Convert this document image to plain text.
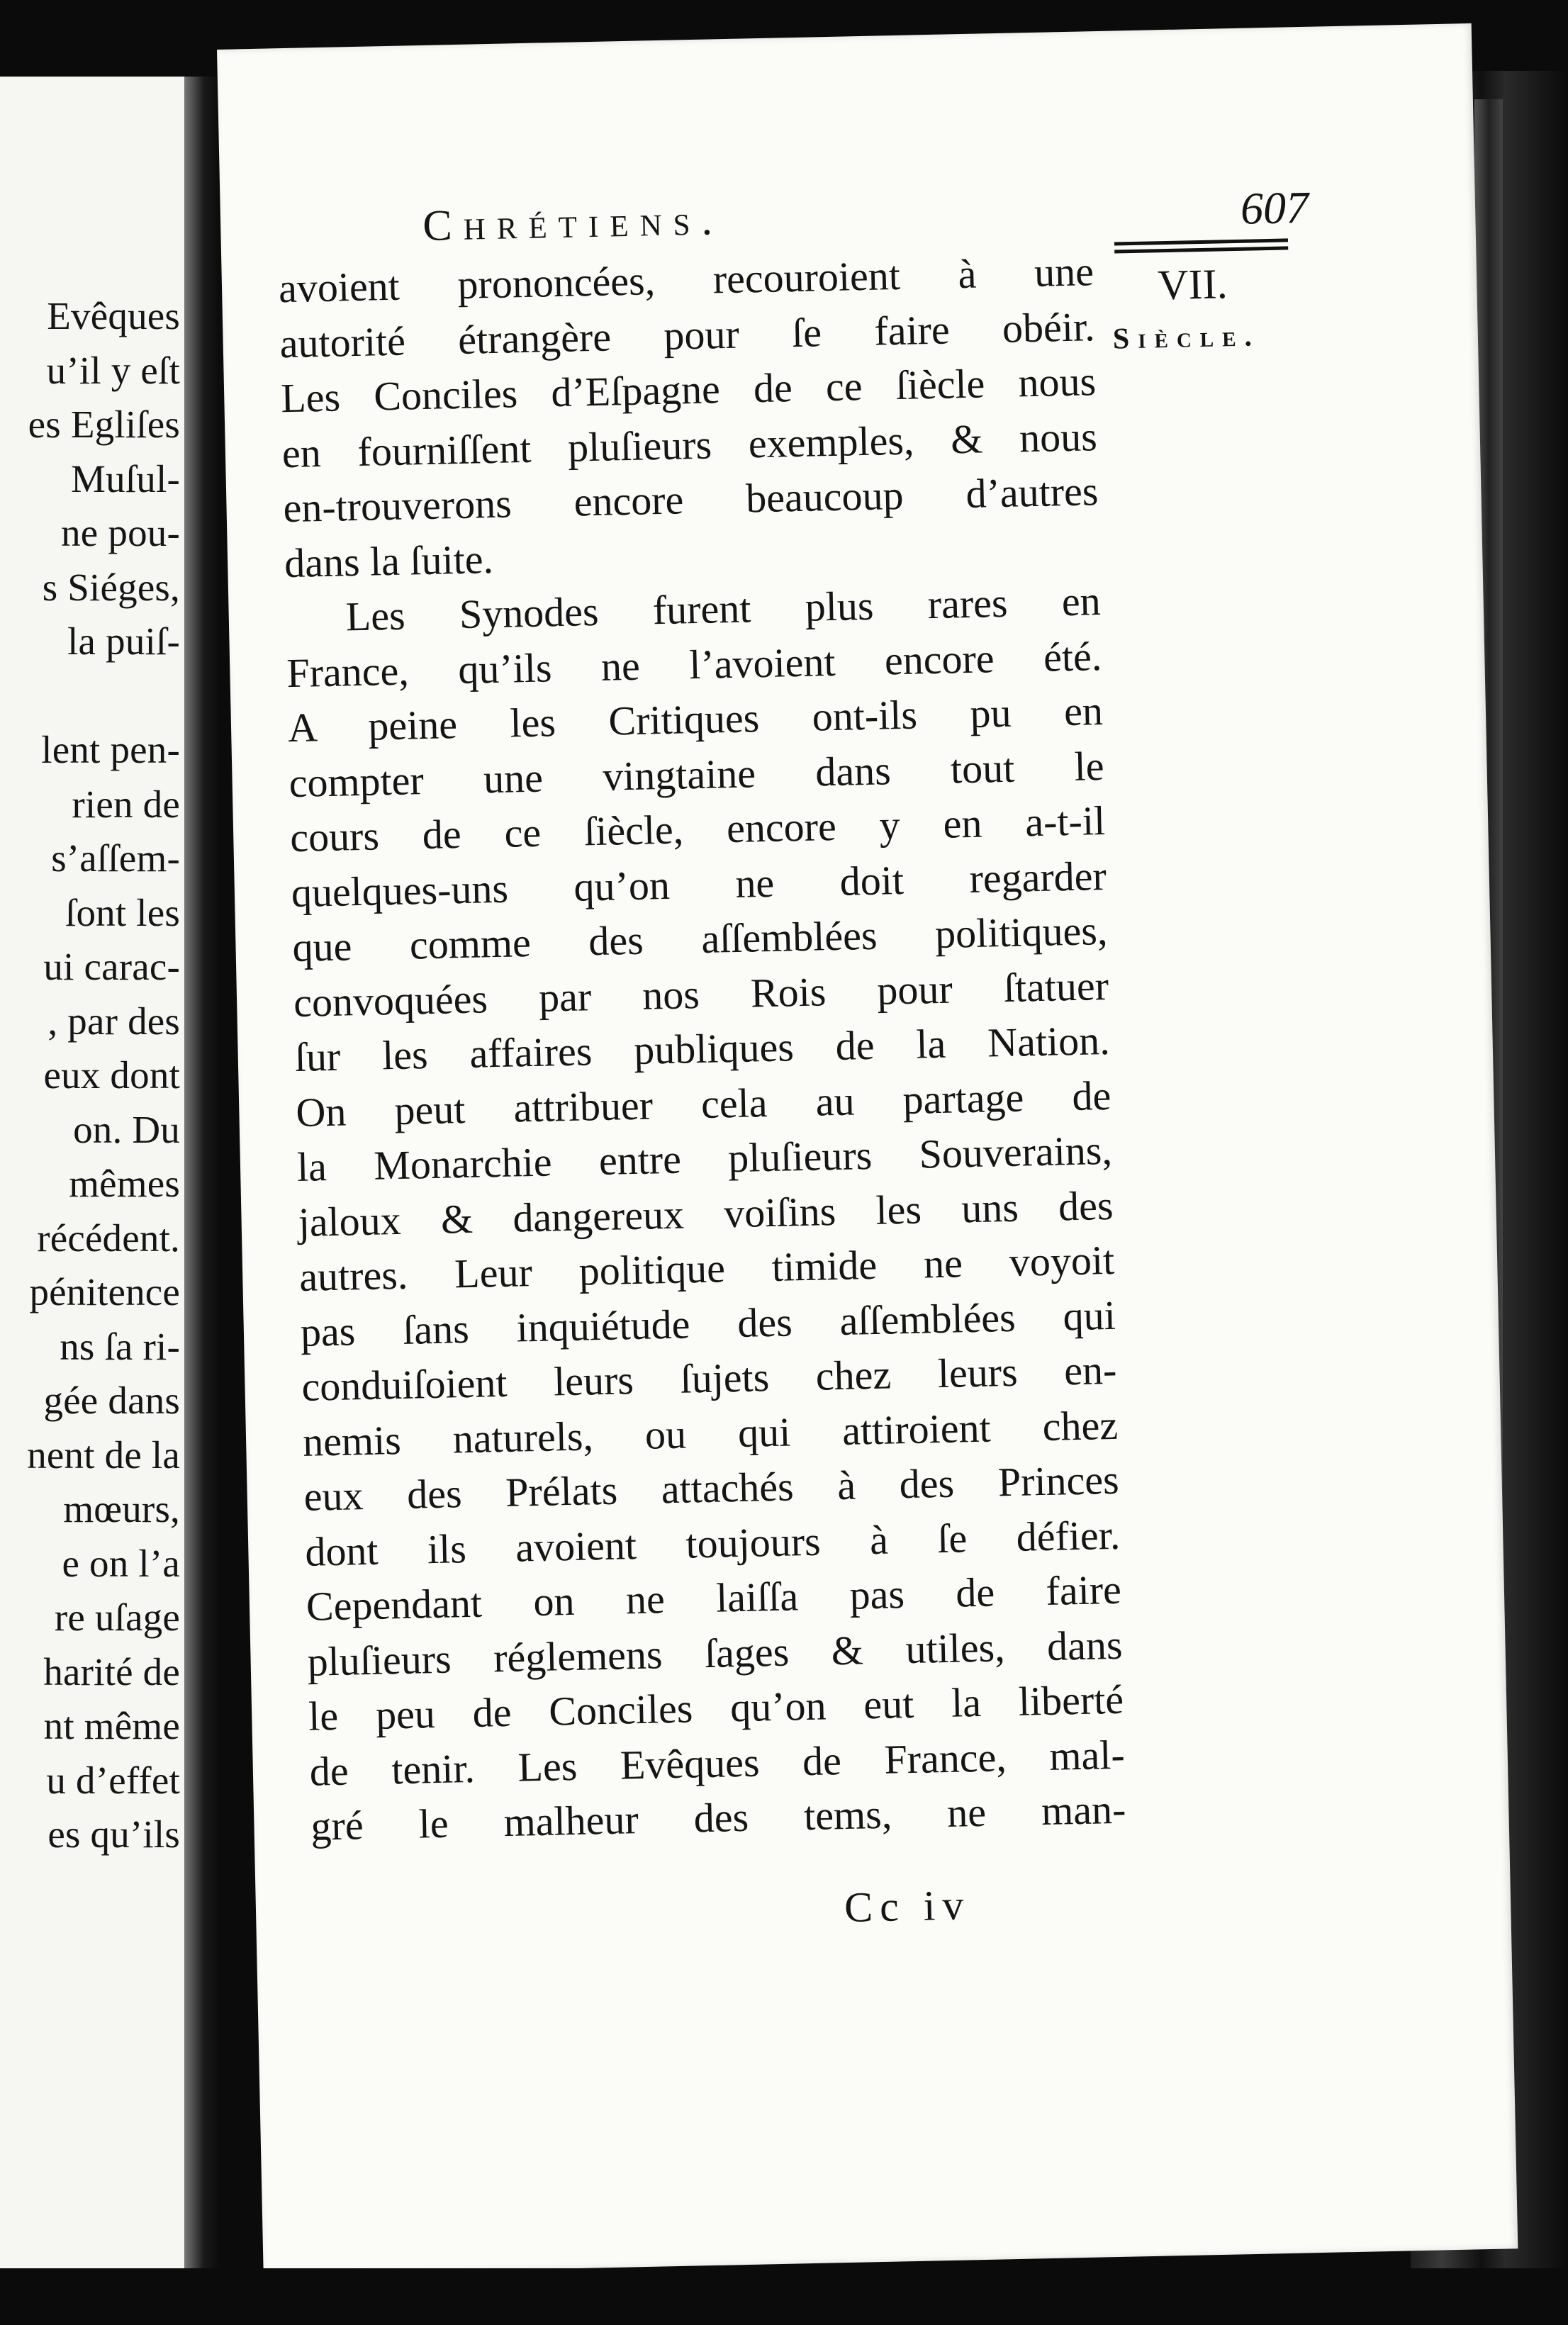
Evêques
u’il y eſt
es Egliſes
Muſul-
ne pou-
s Siéges,
la puiſ-
lent pen-
rien de
s’aſſem-
ſont les
ui carac-
, par des
eux dont
on. Du
mêmes
récédent.
pénitence
ns ſa ri-
gée dans
nent de la
mœurs,
e on l’a
re uſage
harité de
nt même
u d’effet
es qu’ils
Chrétiens.	607
VII.
Siècle.
avoient prononcées, recouroient à une
autorité étrangère pour ſe faire obéir.
Les Conciles d’Eſpagne de ce ſiècle nous
en fourniſſent pluſieurs exemples, & nous
en-trouverons encore beaucoup d’autres
dans la ſuite.
Les Synodes furent plus rares en
France, qu’ils ne l’avoient encore été.
A peine les Critiques ont-ils pu en
compter une vingtaine dans tout le
cours de ce ſiècle, encore y en a-t-il
quelques-uns qu’on ne doit regarder
que comme des aſſemblées politiques,
convoquées par nos Rois pour ſtatuer
ſur les affaires publiques de la Nation.
On peut attribuer cela au partage de
la Monarchie entre pluſieurs Souverains,
jaloux & dangereux voiſins les uns des
autres. Leur politique timide ne voyoit
pas ſans inquiétude des aſſemblées qui
conduiſoient leurs ſujets chez leurs en-
nemis naturels, ou qui attiroient chez
eux des Prélats attachés à des Princes
dont ils avoient toujours à ſe défier.
Cependant on ne laiſſa pas de faire
pluſieurs réglemens ſages & utiles, dans
le peu de Conciles qu’on eut la liberté
de tenir. Les Evêques de France, mal-
gré le malheur des tems, ne man-
Cc iv
